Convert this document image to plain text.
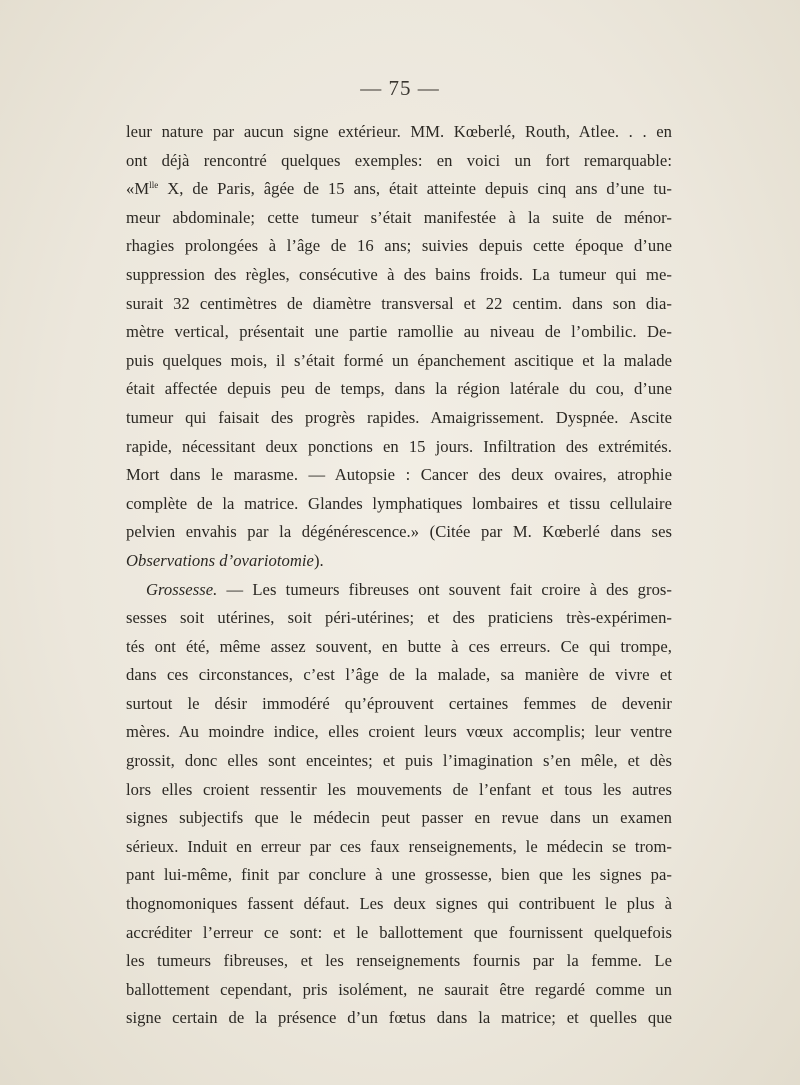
— 75 —
leur nature par aucun signe extérieur. MM. Kœberlé, Routh, Atlee. . . en
ont déjà rencontré quelques exemples: en voici un fort remarquable:
«$M^{lle}$ X, de Paris, âgée de 15 ans, était atteinte depuis cinq ans d’une tu-
meur abdominale; cette tumeur s’était manifestée à la suite de ménor-
rhagies prolongées à l’âge de 16 ans; suivies depuis cette époque d’une
suppression des règles, consécutive à des bains froids. La tumeur qui me-
surait 32 centimètres de diamètre transversal et 22 centim. dans son dia-
mètre vertical, présentait une partie ramollie au niveau de l’ombilic. De-
puis quelques mois, il s’était formé un épanchement ascitique et la malade
était affectée depuis peu de temps, dans la région latérale du cou, d’une
tumeur qui faisait des progrès rapides. Amaigrissement. Dyspnée. Ascite
rapide, nécessitant deux ponctions en 15 jours. Infiltration des extrémités.
Mort dans le marasme. — Autopsie : Cancer des deux ovaires, atrophie
complète de la matrice. Glandes lymphatiques lombaires et tissu cellulaire
pelvien envahis par la dégénérescence.» (Citée par M. Kœberlé dans ses
Observations d’ovariotomie).
Grossesse. — Les tumeurs fibreuses ont souvent fait croire à des gros-
sesses soit utérines, soit péri-utérines; et des praticiens très-expérimen-
tés ont été, même assez souvent, en butte à ces erreurs. Ce qui trompe,
dans ces circonstances, c’est l’âge de la malade, sa manière de vivre et
surtout le désir immodéré qu’éprouvent certaines femmes de devenir
mères. Au moindre indice, elles croient leurs vœux accomplis; leur ventre
grossit, donc elles sont enceintes; et puis l’imagination s’en mêle, et dès
lors elles croient ressentir les mouvements de l’enfant et tous les autres
signes subjectifs que le médecin peut passer en revue dans un examen
sérieux. Induit en erreur par ces faux renseignements, le médecin se trom-
pant lui-même, finit par conclure à une grossesse, bien que les signes pa-
thognomoniques fassent défaut. Les deux signes qui contribuent le plus à
accréditer l’erreur ce sont: et le ballottement que fournissent quelquefois
les tumeurs fibreuses, et les renseignements fournis par la femme. Le
ballottement cependant, pris isolément, ne saurait être regardé comme un
signe certain de la présence d’un fœtus dans la matrice; et quelles que
